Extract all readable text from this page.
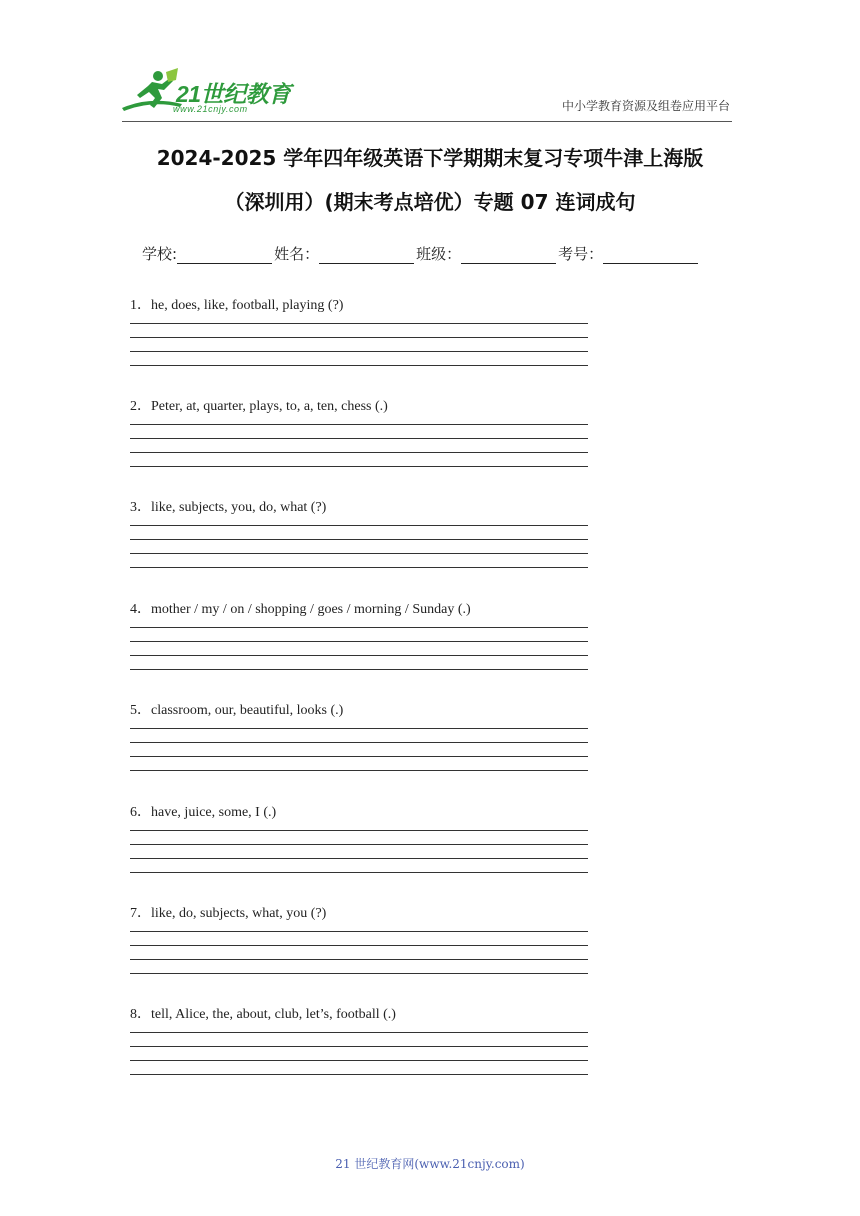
21世纪教育
www.21cnjy.com	中小学教育资源及组卷应用平台
2024-2025 学年四年级英语下学期期末复习专项牛津上海版
（深圳用）(期末考点培优）专题 07 连词成句
学校:	姓名：	班级：	考号：
1．he, does, like, football, playing (?)
2．Peter, at, quarter, plays, to, a, ten, chess (.)
3．like, subjects, you, do, what (?)
4．mother / my / on / shopping / goes / morning / Sunday (.)
5．classroom, our, beautiful, looks (.)
6．have, juice, some, I (.)
7．like, do, subjects, what, you (?)
8．tell, Alice, the, about, club, let’s, football (.)
21 世纪教育网(www.21cnjy.com)
